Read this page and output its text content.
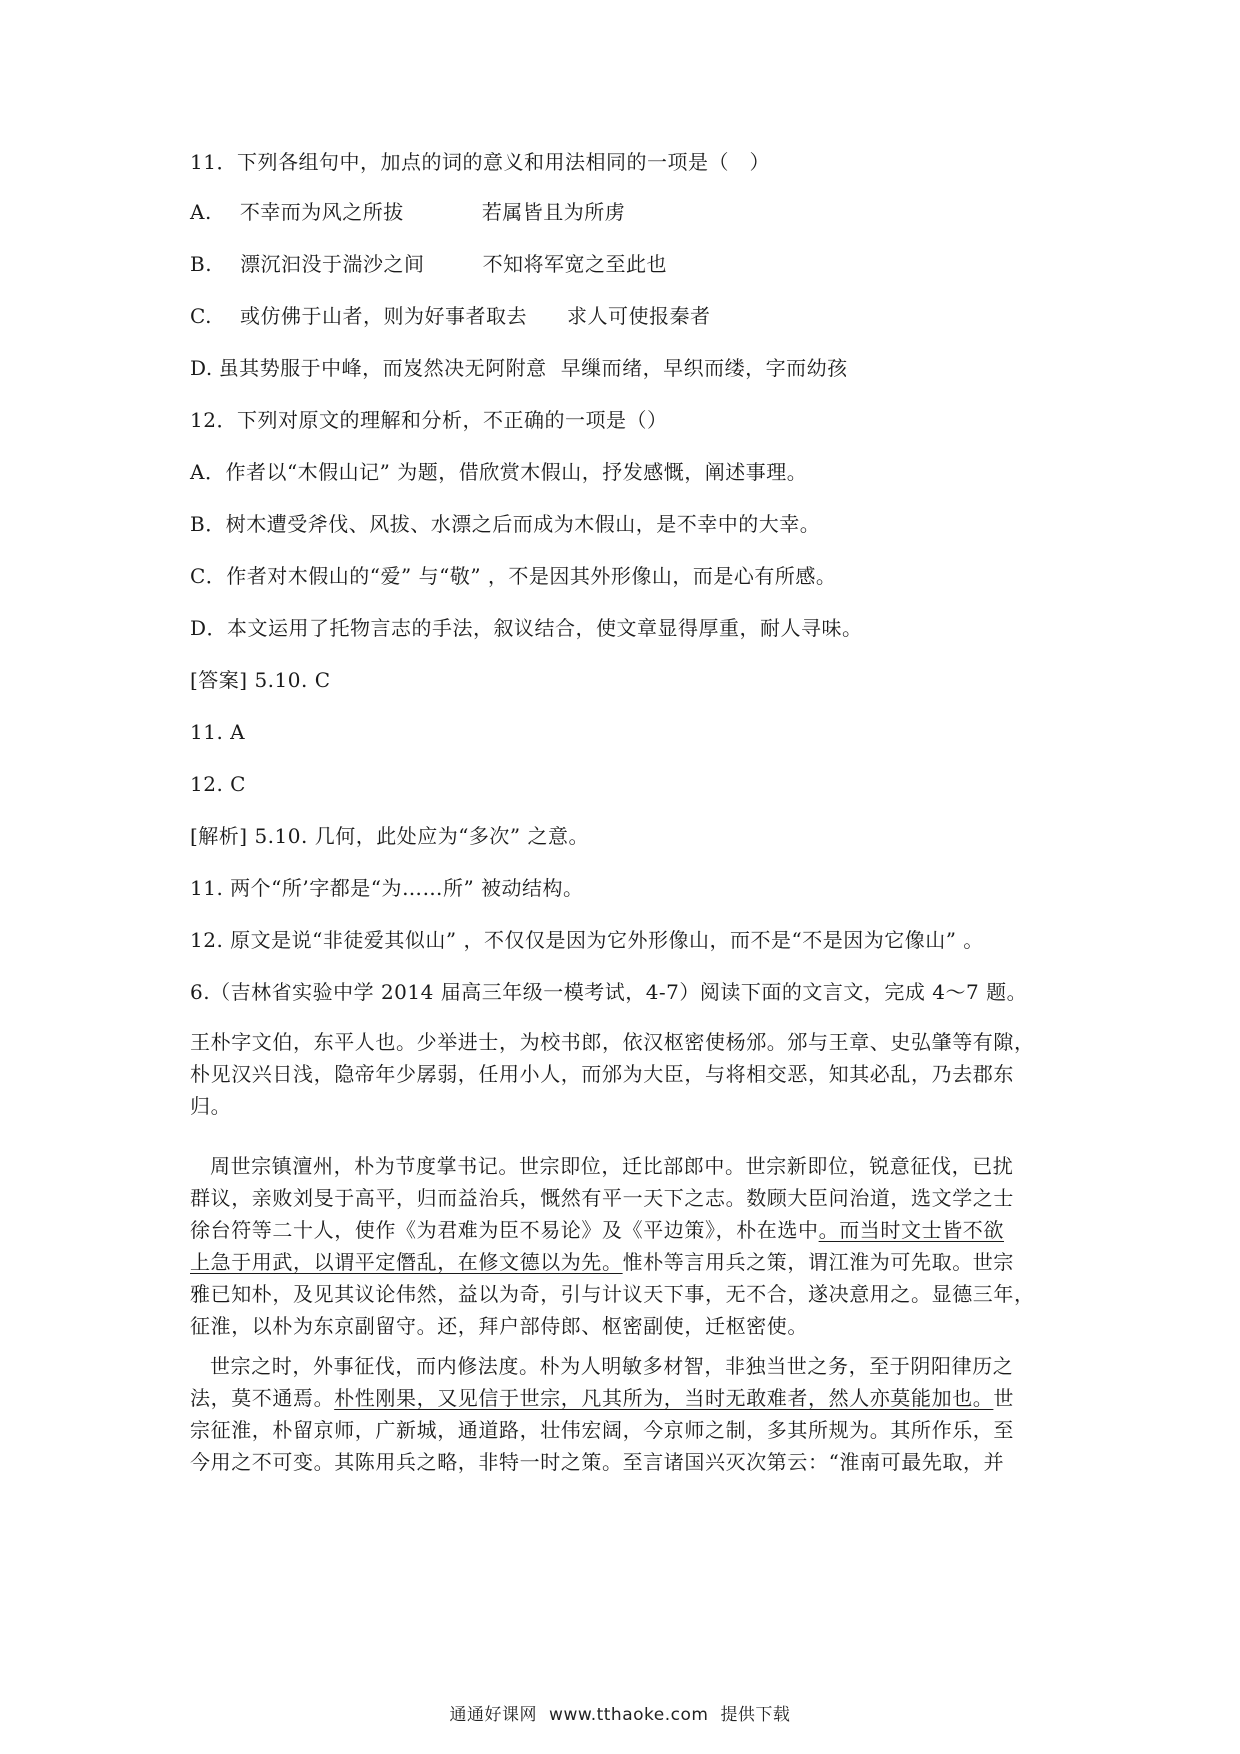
11．下列各组句中，加点的词的意义和用法相同的一项是（　）
A. 不幸而为风之所拔	若属皆且为所虏
B. 漂沉汩没于湍沙之间	不知将军宽之至此也
C. 或仿佛于山者，则为好事者取去 求人可使报秦者
D. 虽其势服于中峰，而岌然决无阿附意 早缫而绪，早织而缕，字而幼孩
12．下列对原文的理解和分析，不正确的一项是（）
A．作者以“木假山记” 为题，借欣赏木假山，抒发感慨，阐述事理。
B．树木遭受斧伐、风拔、水漂之后而成为木假山，是不幸中的大幸。
C．作者对木假山的“爱” 与“敬” ，不是因其外形像山，而是心有所感。
D．本文运用了托物言志的手法，叙议结合，使文章显得厚重，耐人寻味。
[答案] 5.10. C
11. A
12. C
[解析] 5.10. 几何，此处应为“多次” 之意。
11. 两个“所’字都是“为……所” 被动结构。
12. 原文是说“非徒爱其似山” ，不仅仅是因为它外形像山，而不是“不是因为它像山” 。
6.（吉林省实验中学 2014 届高三年级一模考试，4-7）阅读下面的文言文，完成 4～7 题。
王朴字文伯，东平人也。少举进士，为校书郎，依汉枢密使杨邠。邠与王章、史弘肇等有隙，
朴见汉兴日浅，隐帝年少孱弱，任用小人，而邠为大臣，与将相交恶，知其必乱，乃去郡东
归。
周世宗镇澶州，朴为节度掌书记。世宗即位，迁比部郎中。世宗新即位，锐意征伐，已扰
群议，亲败刘旻于高平，归而益治兵，慨然有平一天下之志。数顾大臣问治道，选文学之士
徐台符等二十人，使作《为君难为臣不易论》及《平边策》，朴在选中。而当时文士皆不欲
上急于用武，以谓平定僭乱，在修文德以为先。惟朴等言用兵之策，谓江淮为可先取。世宗
雅已知朴，及见其议论伟然，益以为奇，引与计议天下事，无不合，遂决意用之。显德三年，
征淮，以朴为东京副留守。还，拜户部侍郎、枢密副使，迁枢密使。
世宗之时，外事征伐，而内修法度。朴为人明敏多材智，非独当世之务，至于阴阳律历之
法，莫不通焉。朴性刚果，又见信于世宗，凡其所为，当时无敢难者，然人亦莫能加也。世
宗征淮，朴留京师，广新城，通道路，壮伟宏阔，今京师之制，多其所规为。其所作乐，至
今用之不可变。其陈用兵之略，非特一时之策。至言诸国兴灭次第云：“淮南可最先取，并
通通好课网 www.tthaoke.com 提供下载
